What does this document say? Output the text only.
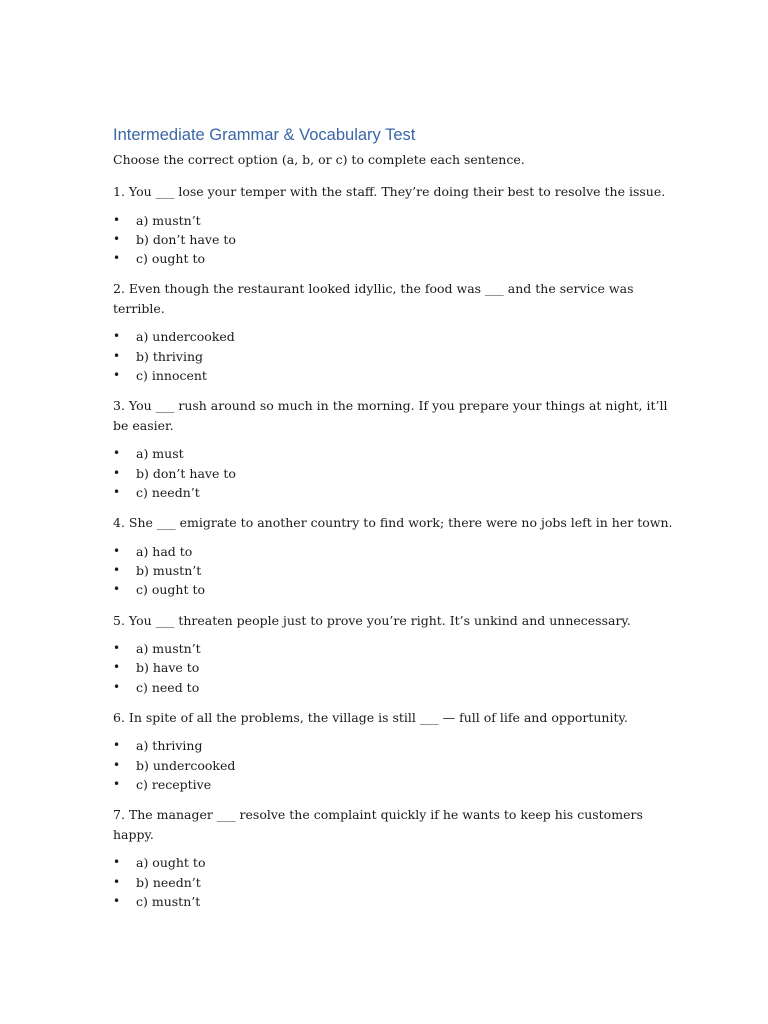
Intermediate Grammar & Vocabulary Test

Choose the correct option (a, b, or c) to complete each sentence.

1. You ___ lose your temper with the staff. They’re doing their best to resolve the issue.

• a) mustn’t
• b) don’t have to
• c) ought to

2. Even though the restaurant looked idyllic, the food was ___ and the service was terrible.

• a) undercooked
• b) thriving
• c) innocent

3. You ___ rush around so much in the morning. If you prepare your things at night, it’ll be easier.

• a) must
• b) don’t have to
• c) needn’t

4. She ___ emigrate to another country to find work; there were no jobs left in her town.

• a) had to
• b) mustn’t
• c) ought to

5. You ___ threaten people just to prove you’re right. It’s unkind and unnecessary.

• a) mustn’t
• b) have to
• c) need to

6. In spite of all the problems, the village is still ___ — full of life and opportunity.

• a) thriving
• b) undercooked
• c) receptive

7. The manager ___ resolve the complaint quickly if he wants to keep his customers happy.

• a) ought to
• b) needn’t
• c) mustn’t
